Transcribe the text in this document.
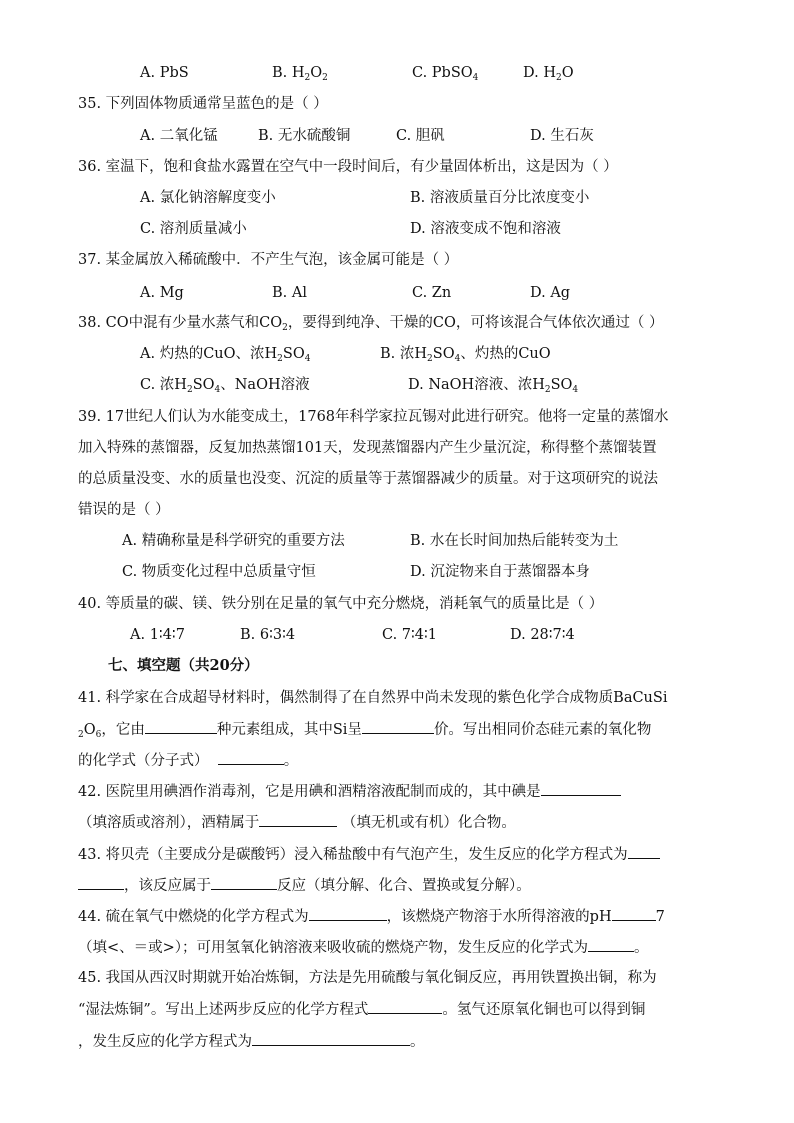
A. PbS	B. $H_2O_2$	C. PbSO$_4$	D. $H_2O$
35. 下列固体物质通常呈蓝色的是（ ）
A. 二氧化锰	B. 无水硫酸铜	C. 胆矾	D. 生石灰
36. 室温下，饱和食盐水露置在空气中一段时间后，有少量固体析出，这是因为（ ）
A. 氯化钠溶解度变小	B. 溶液质量百分比浓度变小
C. 溶剂质量减小	D. 溶液变成不饱和溶液
37. 某金属放入稀硫酸中．不产生气泡，该金属可能是（ ）
A. Mg	B. Al	C. Zn	D. Ag
38. CO中混有少量水蒸气和$CO_2$，要得到纯净、干燥的CO，可将该混合气体依次通过（ ）
A. 灼热的CuO、浓$H_2SO_4$	B. 浓$H_2SO_4$、灼热的CuO
C. 浓$H_2SO_4$、NaOH溶液	D. NaOH溶液、浓$H_2SO_4$
39. 17世纪人们认为水能变成土，1768年科学家拉瓦锡对此进行研究。他将一定量的蒸馏水
加入特殊的蒸馏器，反复加热蒸馏101天，发现蒸馏器内产生少量沉淀，称得整个蒸馏装置
的总质量没变、水的质量也没变、沉淀的质量等于蒸馏器减少的质量。对于这项研究的说法
错误的是（ ）
A. 精确称量是科学研究的重要方法	B. 水在长时间加热后能转变为土
C. 物质变化过程中总质量守恒	D. 沉淀物来自于蒸馏器本身
40. 等质量的碳、镁、铁分别在足量的氧气中充分燃烧，消耗氧气的质量比是（ ）
A. 1∶4∶7	B. 6∶3∶4	C. 7∶4∶1	D. 28∶7∶4
七、填空题（共20分）
41. 科学家在合成超导材料时，偶然制得了在自然界中尚未发现的紫色化学合成物质BaCuSi
$_2O_6$，它由	种元素组成，其中Si呈	价。写出相同价态硅元素的氧化物
的化学式（分子式）	。
42. 医院里用碘酒作消毒剂，它是用碘和酒精溶液配制而成的，其中碘是
（填溶质或溶剂），酒精属于	（填无机或有机）化合物。
43. 将贝壳（主要成分是碳酸钙）浸入稀盐酸中有气泡产生，发生反应的化学方程式为
，该反应属于	反应（填分解、化合、置换或复分解）。
44. 硫在氧气中燃烧的化学方程式为	，该燃烧产物溶于水所得溶液的pH	7
（填<、＝或>）；可用氢氧化钠溶液来吸收硫的燃烧产物，发生反应的化学式为	。
45. 我国从西汉时期就开始冶炼铜，方法是先用硫酸与氧化铜反应，再用铁置换出铜，称为
“湿法炼铜”。写出上述两步反应的化学方程式	。氢气还原氧化铜也可以得到铜
，发生反应的化学方程式为	。
